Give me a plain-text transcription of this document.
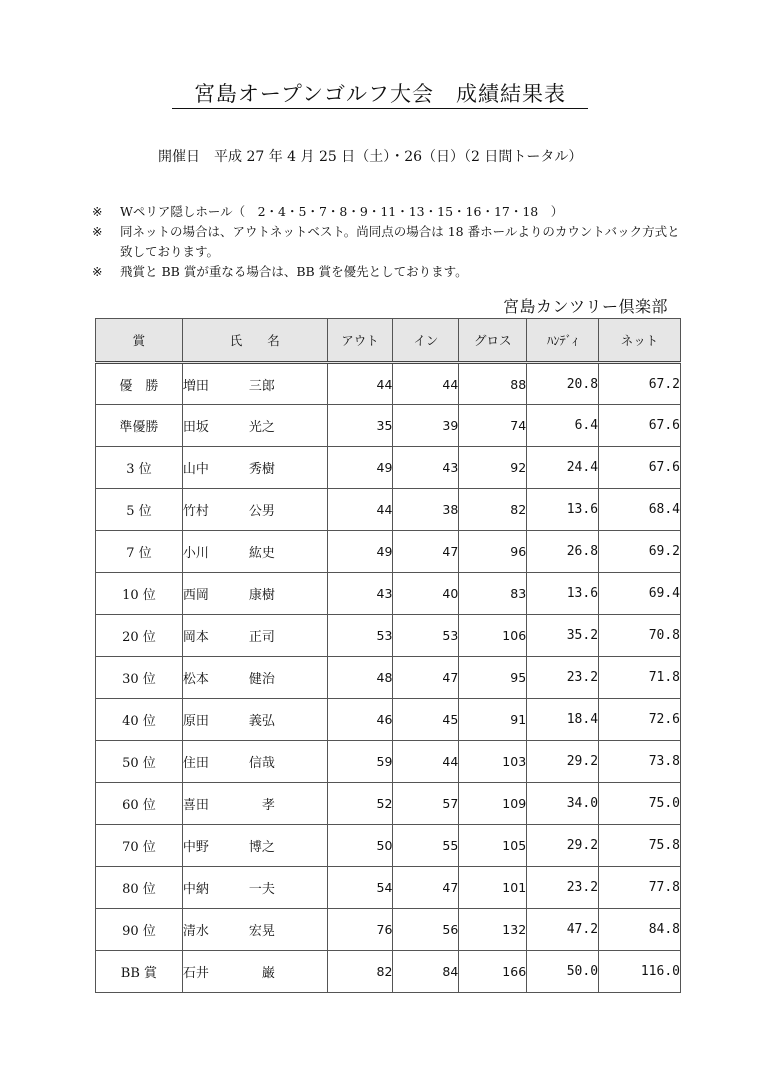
宮島オープンゴルフ大会　成績結果表
開催日　平成 27 年 4 月 25 日（土）・26（日）（2 日間トータル）
※	Wペリア隠しホール（　2・4・5・7・8・9・11・13・15・16・17・18　）
※	同ネットの場合は、アウトネットベスト。尚同点の場合は 18 番ホールよりのカウントバック方式と致しております。
※	飛賞と BB 賞が重なる場合は、BB 賞を優先としております。
宮島カンツリー倶楽部
賞	氏　　名	アウト	イン	グロス	ﾊﾝﾃﾞｨ	ネット
優　勝	増田 三郎	44	44	88	20.8	67.2
準優勝	田坂 光之	35	39	74	6.4	67.6
3 位	山中 秀樹	49	43	92	24.4	67.6
5 位	竹村 公男	44	38	82	13.6	68.4
7 位	小川 紘史	49	47	96	26.8	69.2
10 位	西岡 康樹	43	40	83	13.6	69.4
20 位	岡本 正司	53	53	106	35.2	70.8
30 位	松本 健治	48	47	95	23.2	71.8
40 位	原田 義弘	46	45	91	18.4	72.6
50 位	住田 信哉	59	44	103	29.2	73.8
60 位	喜田 　孝	52	57	109	34.0	75.0
70 位	中野 博之	50	55	105	29.2	75.8
80 位	中納 一夫	54	47	101	23.2	77.8
90 位	清水 宏晃	76	56	132	47.2	84.8
BB 賞	石井 　巌	82	84	166	50.0	116.0
